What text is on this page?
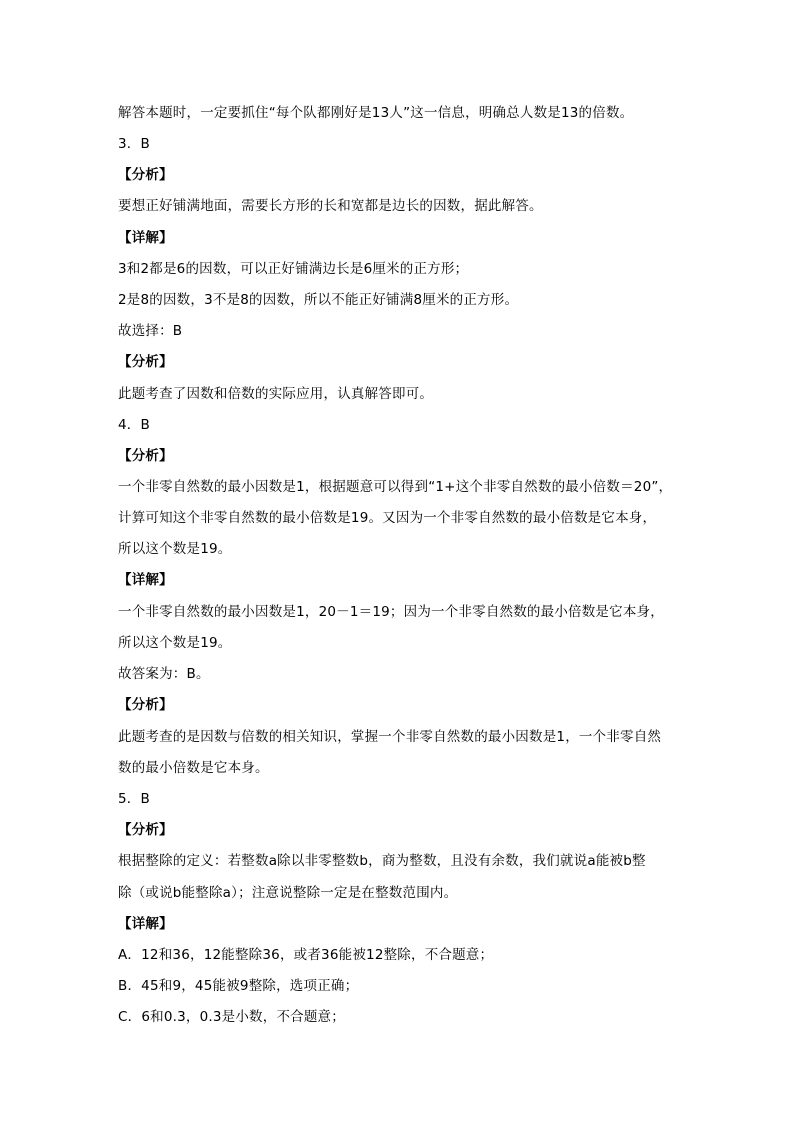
解答本题时，一定要抓住“每个队都刚好是13人”这一信息，明确总人数是13的倍数。
3．B
【分析】
要想正好铺满地面，需要长方形的长和宽都是边长的因数，据此解答。
【详解】
3和2都是6的因数，可以正好铺满边长是6厘米的正方形；
2是8的因数，3不是8的因数，所以不能正好铺满8厘米的正方形。
故选择：B
【分析】
此题考查了因数和倍数的实际应用，认真解答即可。
4．B
【分析】
一个非零自然数的最小因数是1，根据题意可以得到“1+这个非零自然数的最小倍数＝20”，
计算可知这个非零自然数的最小倍数是19。又因为一个非零自然数的最小倍数是它本身，
所以这个数是19。
【详解】
一个非零自然数的最小因数是1，20－1＝19；因为一个非零自然数的最小倍数是它本身，
所以这个数是19。
故答案为：B。
【分析】
此题考查的是因数与倍数的相关知识，掌握一个非零自然数的最小因数是1，一个非零自然
数的最小倍数是它本身。
5．B
【分析】
根据整除的定义：若整数a除以非零整数b，商为整数，且没有余数，我们就说a能被b整
除（或说b能整除a）；注意说整除一定是在整数范围内。
【详解】
A．12和36，12能整除36，或者36能被12整除，不合题意；
B．45和9，45能被9整除，选项正确；
C．6和0.3，0.3是小数，不合题意；
